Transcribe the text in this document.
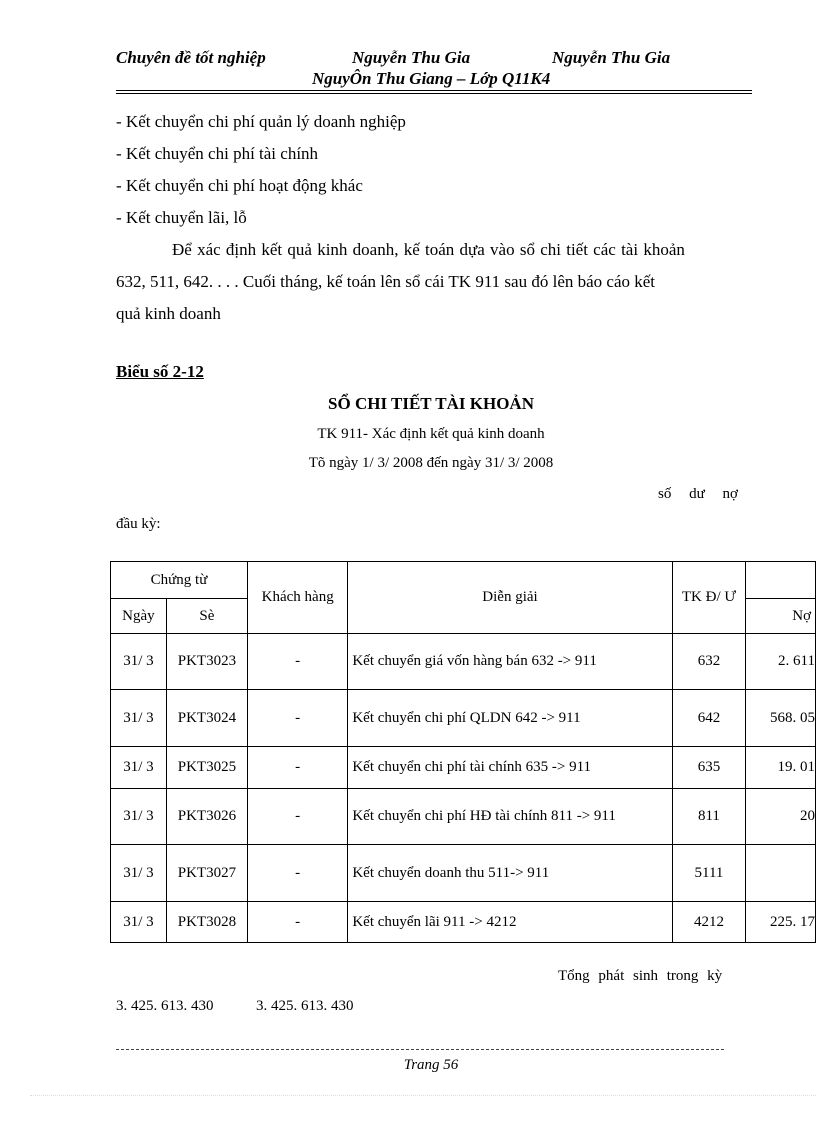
Chuyên đề tốt nghiệp	Nguyễn Thu Gia	Nguyễn Thu Gia
NguyÔn Thu Giang – Lớp Q11K4
- Kết chuyển chi phí quản lý doanh nghiệp
- Kết chuyển chi phí tài chính
- Kết chuyển chi phí hoạt động khác
- Kết chuyển lãi, lỗ
Để xác định kết quả kinh doanh, kế toán dựa vào sổ chi tiết các tài khoản
632, 511, 642. . . . Cuối tháng, kế toán lên sổ cái TK 911 sau đó lên báo cáo kết
quả kinh doanh
Biểu số 2-12
SỔ CHI TIẾT TÀI KHOẢN
TK 911- Xác định kết quả kinh doanh
Tõ ngày 1/ 3/ 2008 đến ngày 31/ 3/ 2008
số dư nợ
đầu kỳ:
Chứng từ		Khách hàng	Diễn giải	TK Đ/ Ư	
Ngày	Sè				Nợ
31/ 3	PKT3023	-	Kết chuyển giá vốn hàng bán 632 -> 911	632	2. 611
31/ 3	PKT3024	-	Kết chuyển chi phí QLDN 642 -> 911	642	568. 05
31/ 3	PKT3025	-	Kết chuyển chi phí tài chính 635 -> 911	635	19. 01
31/ 3	PKT3026	-	Kết chuyển chi phí HĐ tài chính 811 -> 911	811	20
31/ 3	PKT3027	-	Kết chuyển doanh thu 511-> 911	5111	
31/ 3	PKT3028	-	Kết chuyển lãi 911 -> 4212	4212	225. 17
Tổng phát sinh trong kỳ
3. 425. 613. 430	3. 425. 613. 430
Trang 56
